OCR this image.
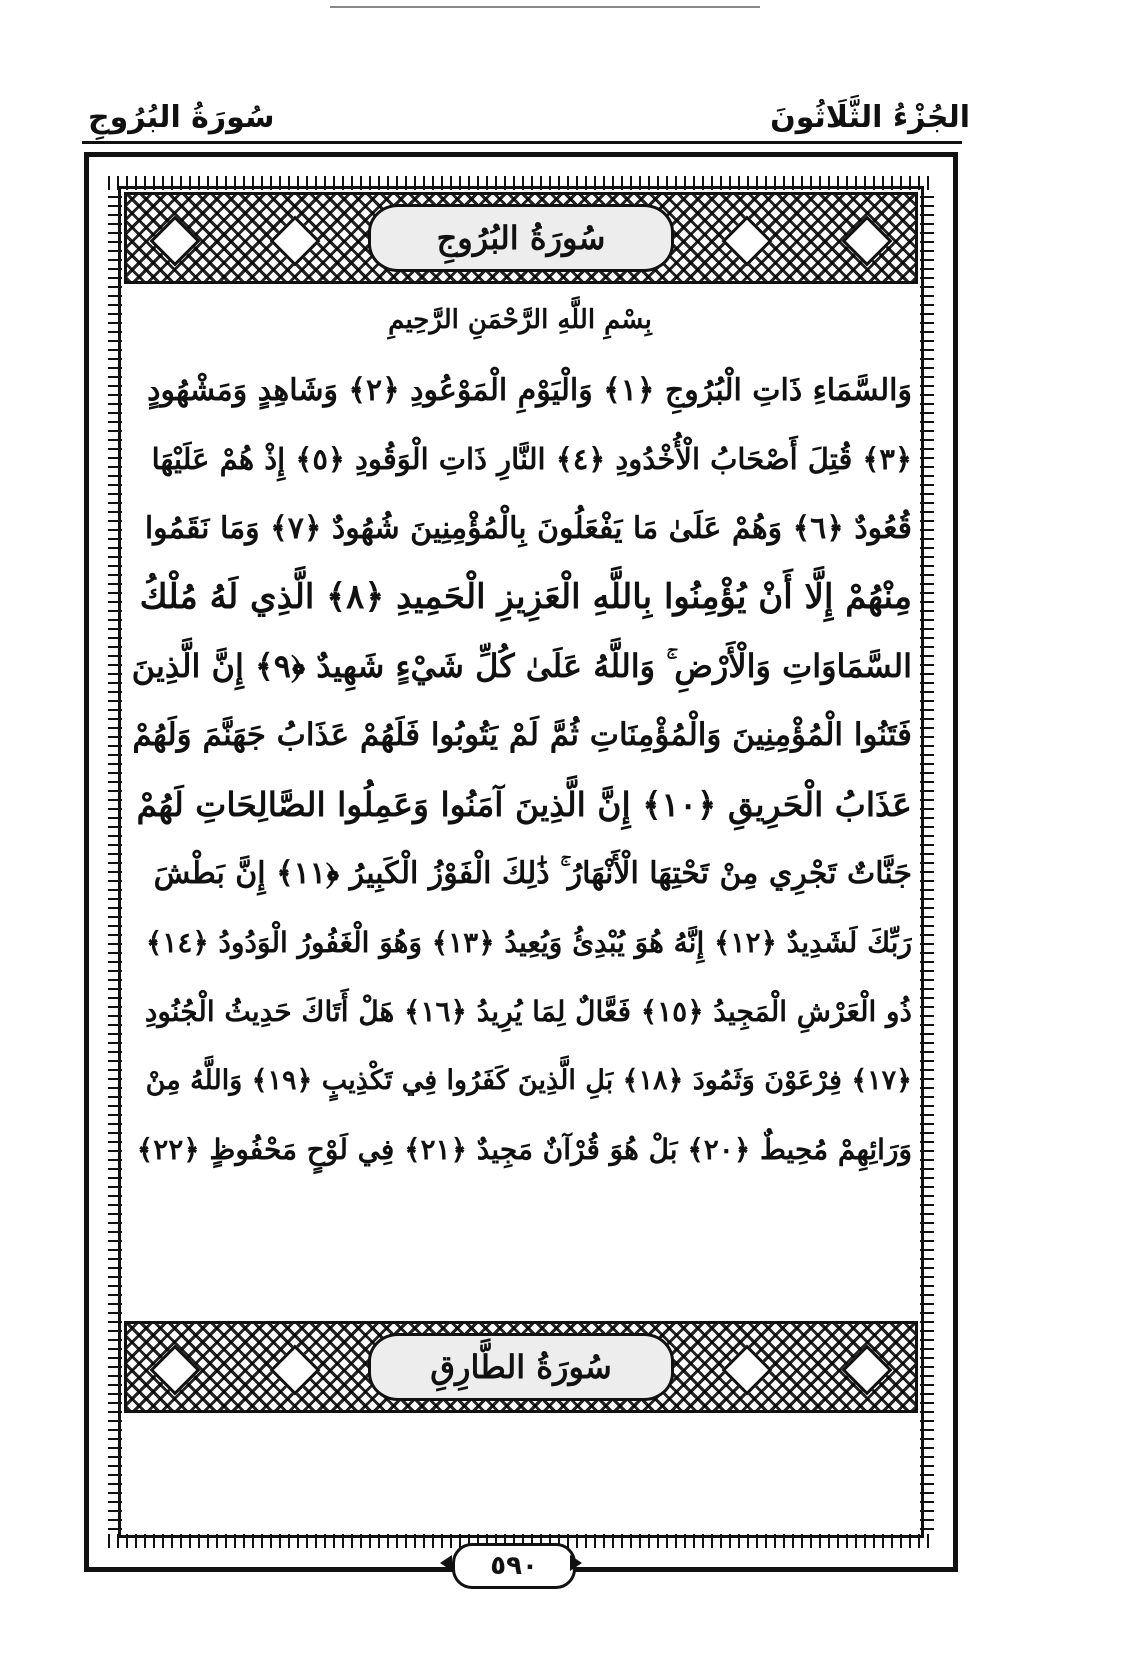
الجُزْءُ الثَّلَاثُونَ
سُورَةُ البُرُوجِ
سُورَةُ البُرُوجِ
بِسْمِ اللَّهِ الرَّحْمَنِ الرَّحِيمِ
وَالسَّمَاءِ ذَاتِ الْبُرُوجِ ﴿١﴾ وَالْيَوْمِ الْمَوْعُودِ ﴿٢﴾ وَشَاهِدٍ وَمَشْهُودٍ
﴿٣﴾ قُتِلَ أَصْحَابُ الْأُخْدُودِ ﴿٤﴾ النَّارِ ذَاتِ الْوَقُودِ ﴿٥﴾ إِذْ هُمْ عَلَيْهَا
قُعُودٌ ﴿٦﴾ وَهُمْ عَلَىٰ مَا يَفْعَلُونَ بِالْمُؤْمِنِينَ شُهُودٌ ﴿٧﴾ وَمَا نَقَمُوا
مِنْهُمْ إِلَّا أَنْ يُؤْمِنُوا بِاللَّهِ الْعَزِيزِ الْحَمِيدِ ﴿٨﴾ الَّذِي لَهُ مُلْكُ
السَّمَاوَاتِ وَالْأَرْضِ ۚ وَاللَّهُ عَلَىٰ كُلِّ شَيْءٍ شَهِيدٌ ﴿٩﴾ إِنَّ الَّذِينَ
فَتَنُوا الْمُؤْمِنِينَ وَالْمُؤْمِنَاتِ ثُمَّ لَمْ يَتُوبُوا فَلَهُمْ عَذَابُ جَهَنَّمَ وَلَهُمْ
عَذَابُ الْحَرِيقِ ﴿١٠﴾ إِنَّ الَّذِينَ آمَنُوا وَعَمِلُوا الصَّالِحَاتِ لَهُمْ
جَنَّاتٌ تَجْرِي مِنْ تَحْتِهَا الْأَنْهَارُ ۚ ذَٰلِكَ الْفَوْزُ الْكَبِيرُ ﴿١١﴾ إِنَّ بَطْشَ
رَبِّكَ لَشَدِيدٌ ﴿١٢﴾ إِنَّهُ هُوَ يُبْدِئُ وَيُعِيدُ ﴿١٣﴾ وَهُوَ الْغَفُورُ الْوَدُودُ ﴿١٤﴾
ذُو الْعَرْشِ الْمَجِيدُ ﴿١٥﴾ فَعَّالٌ لِمَا يُرِيدُ ﴿١٦﴾ هَلْ أَتَاكَ حَدِيثُ الْجُنُودِ
﴿١٧﴾ فِرْعَوْنَ وَثَمُودَ ﴿١٨﴾ بَلِ الَّذِينَ كَفَرُوا فِي تَكْذِيبٍ ﴿١٩﴾ وَاللَّهُ مِنْ
وَرَائِهِمْ مُحِيطٌ ﴿٢٠﴾ بَلْ هُوَ قُرْآنٌ مَجِيدٌ ﴿٢١﴾ فِي لَوْحٍ مَحْفُوظٍ ﴿٢٢﴾
سُورَةُ الطَّارِقِ
٥٩٠
